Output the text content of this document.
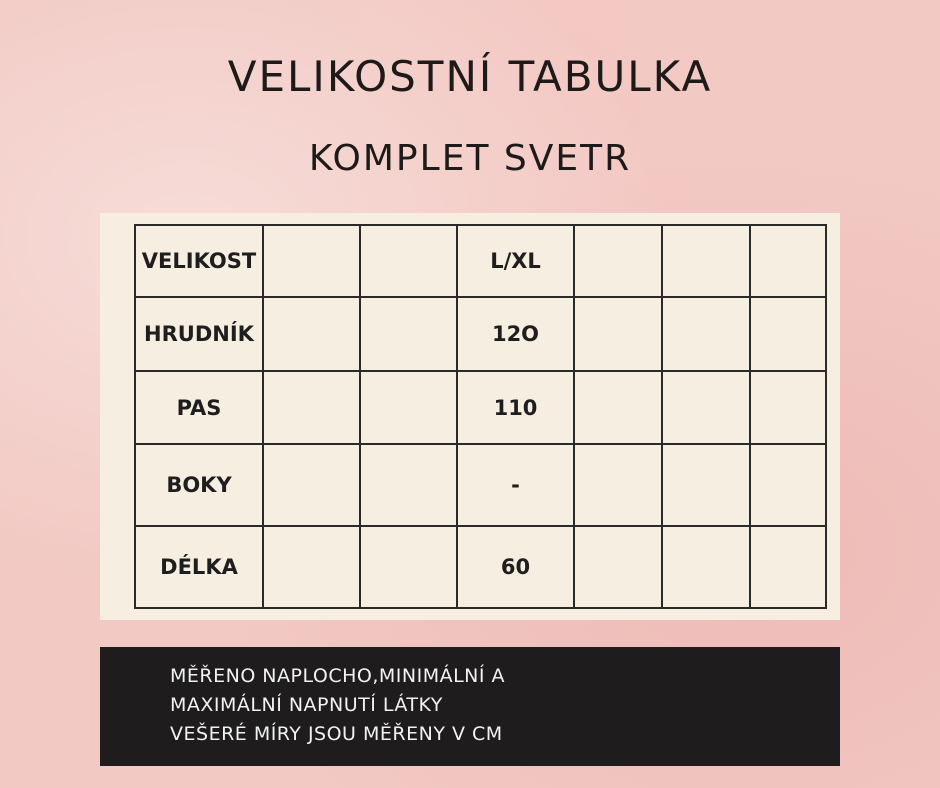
VELIKOSTNÍ TABULKA
KOMPLET SVETR
VELIKOST			L/XL			
HRUDNÍK			12O			
PAS			110			
BOKY			-			
DÉLKA			60			
MĚŘENO NAPLOCHO,MINIMÁLNÍ A
MAXIMÁLNÍ NAPNUTÍ LÁTKY
VEŠERÉ MÍRY JSOU MĚŘENY V CM
